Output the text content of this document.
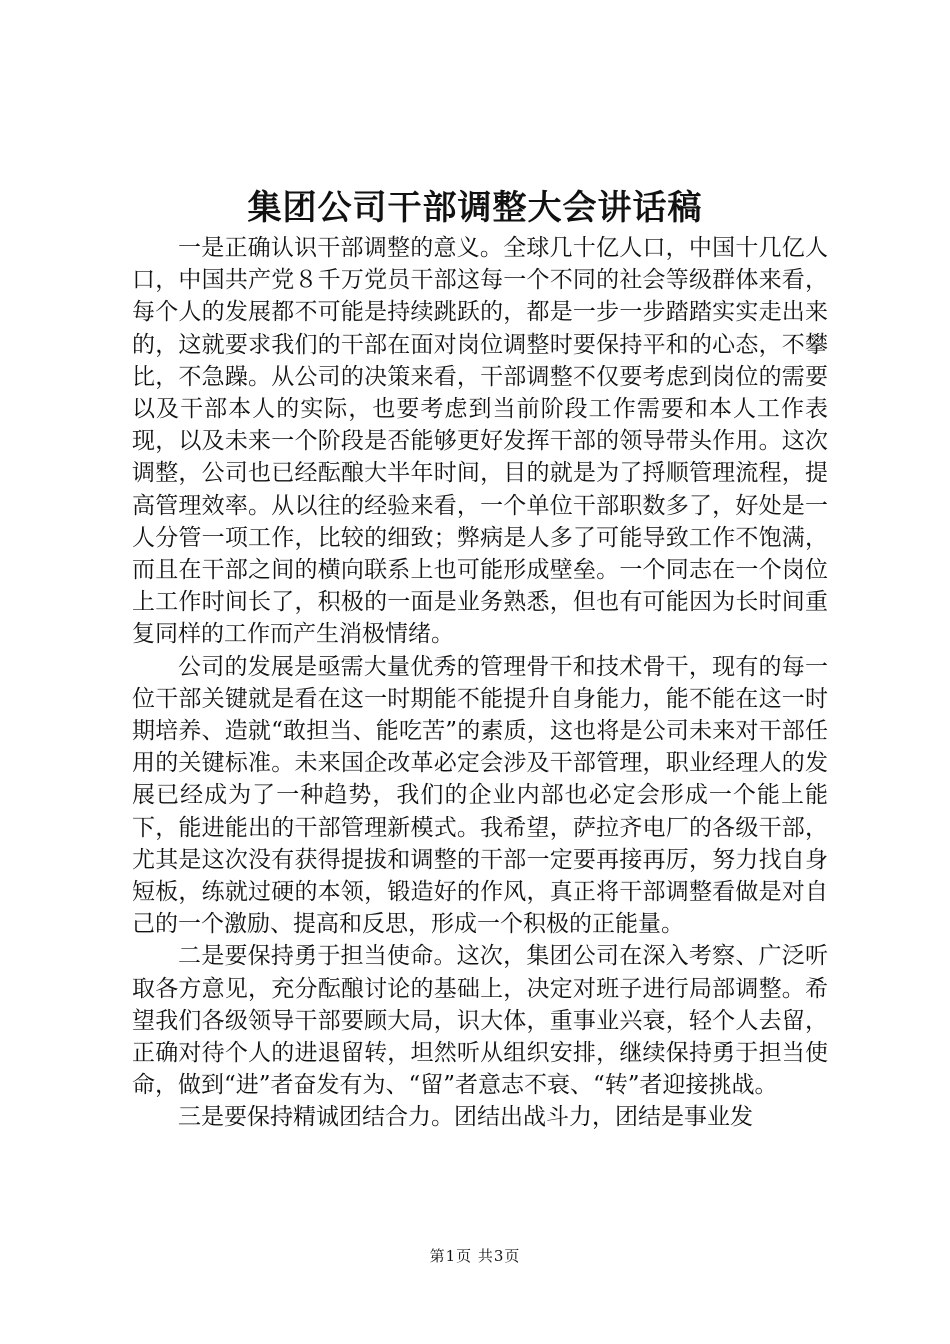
集团公司干部调整大会讲话稿

一是正确认识干部调整的意义。全球几十亿人口，中国十几亿人口，中国共产党８千万党员干部这每一个不同的社会等级群体来看，每个人的发展都不可能是持续跳跃的，都是一步一步踏踏实实走出来的，这就要求我们的干部在面对岗位调整时要保持平和的心态，不攀比，不急躁。从公司的决策来看，干部调整不仅要考虑到岗位的需要以及干部本人的实际，也要考虑到当前阶段工作需要和本人工作表现，以及未来一个阶段是否能够更好发挥干部的领导带头作用。这次调整，公司也已经酝酿大半年时间，目的就是为了捋顺管理流程，提高管理效率。从以往的经验来看，一个单位干部职数多了，好处是一人分管一项工作，比较的细致；弊病是人多了可能导致工作不饱满，而且在干部之间的横向联系上也可能形成壁垒。一个同志在一个岗位上工作时间长了，积极的一面是业务熟悉，但也有可能因为长时间重复同样的工作而产生消极情绪。

公司的发展是亟需大量优秀的管理骨干和技术骨干，现有的每一位干部关键就是看在这一时期能不能提升自身能力，能不能在这一时期培养、造就“敢担当、能吃苦”的素质，这也将是公司未来对干部任用的关键标准。未来国企改革必定会涉及干部管理，职业经理人的发展已经成为了一种趋势，我们的企业内部也必定会形成一个能上能下，能进能出的干部管理新模式。我希望，萨拉齐电厂的各级干部，尤其是这次没有获得提拔和调整的干部一定要再接再厉，努力找自身短板，练就过硬的本领，锻造好的作风，真正将干部调整看做是对自己的一个激励、提高和反思，形成一个积极的正能量。

二是要保持勇于担当使命。这次，集团公司在深入考察、广泛听取各方意见，充分酝酿讨论的基础上，决定对班子进行局部调整。希望我们各级领导干部要顾大局，识大体，重事业兴衰，轻个人去留，正确对待个人的进退留转，坦然听从组织安排，继续保持勇于担当使命，做到“进”者奋发有为、“留”者意志不衰、“转”者迎接挑战。

三是要保持精诚团结合力。团结出战斗力，团结是事业发

第1页 共3页
